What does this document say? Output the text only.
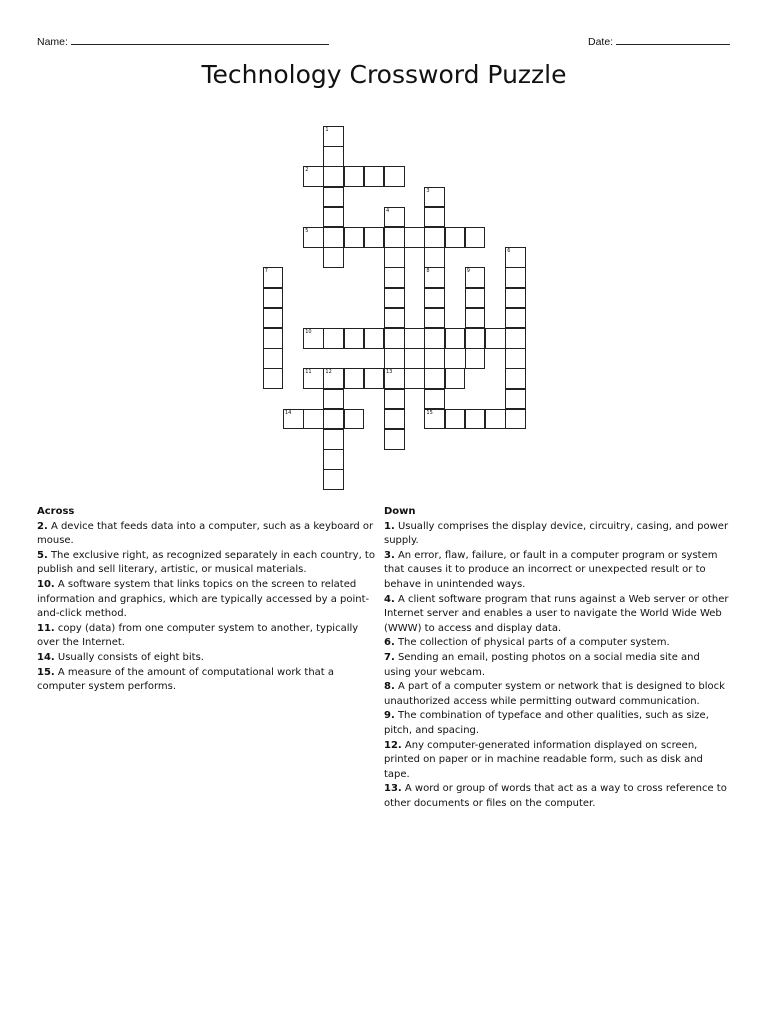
Name:	Date:
Technology Crossword Puzzle
1
2
3
4
5
6
7	8	9
10
11	12	13
14	15
Across
2. A device that feeds data into a computer, such as a keyboard or mouse.
5. The exclusive right, as recognized separately in each country, to publish and sell literary, artistic, or musical materials.
10. A software system that links topics on the screen to related information and graphics, which are typically accessed by a point-and-click method.
11. copy (data) from one computer system to another, typically over the Internet.
14. Usually consists of eight bits.
15. A measure of the amount of computational work that a computer system performs.
Down
1. Usually comprises the display device, circuitry, casing, and power supply.
3. An error, flaw, failure, or fault in a computer program or system that causes it to produce an incorrect or unexpected result or to behave in unintended ways.
4. A client software program that runs against a Web server or other Internet server and enables a user to navigate the World Wide Web (WWW) to access and display data.
6. The collection of physical parts of a computer system.
7. Sending an email, posting photos on a social media site and using your webcam.
8. A part of a computer system or network that is designed to block unauthorized access while permitting outward communication.
9. The combination of typeface and other qualities, such as size, pitch, and spacing.
12. Any computer-generated information displayed on screen, printed on paper or in machine readable form, such as disk and tape.
13. A word or group of words that act as a way to cross reference to other documents or files on the computer.
